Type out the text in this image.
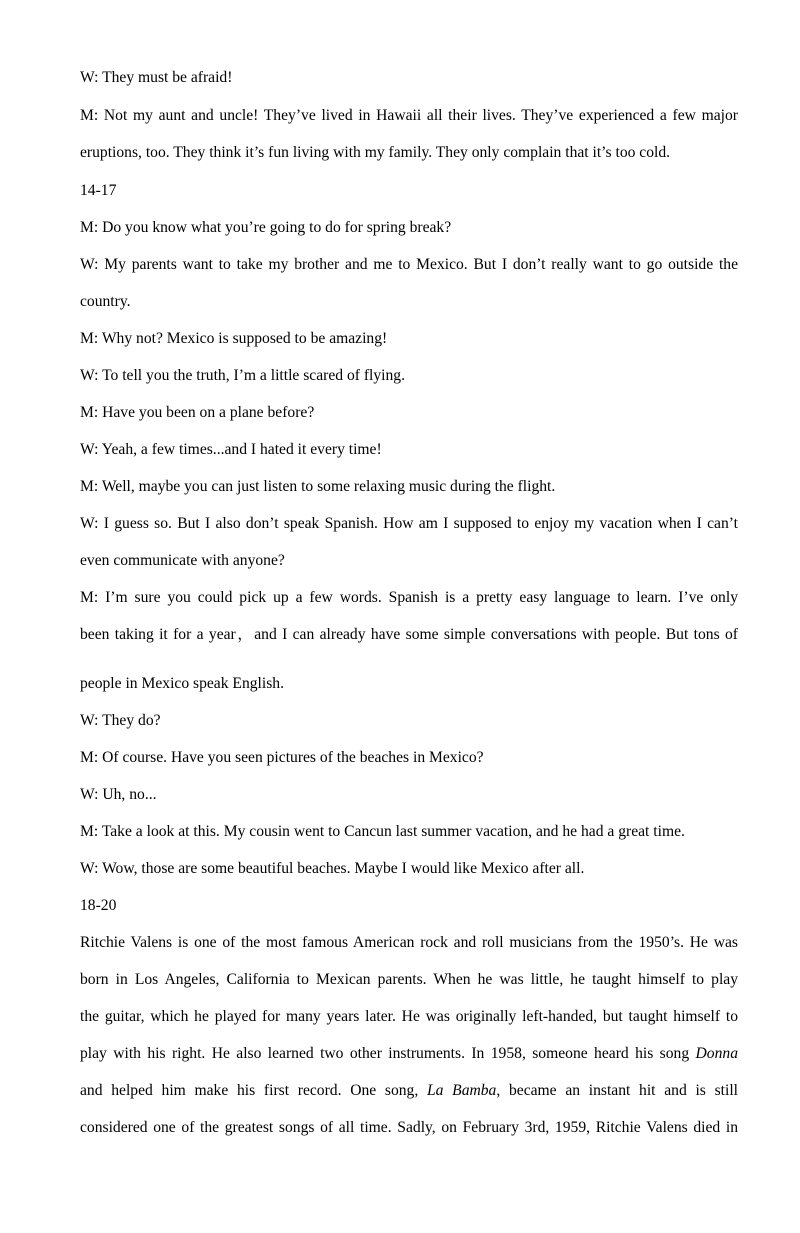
W: They must be afraid!
M: Not my aunt and uncle! They’ve lived in Hawaii all their lives. They’ve experienced a few major
eruptions, too. They think it’s fun living with my family. They only complain that it’s too cold.
14-17
M: Do you know what you’re going to do for spring break?
W: My parents want to take my brother and me to Mexico. But I don’t really want to go outside the
country.
M: Why not? Mexico is supposed to be amazing!
W: To tell you the truth, I’m a little scared of flying.
M: Have you been on a plane before?
W: Yeah, a few times...and I hated it every time!
M: Well, maybe you can just listen to some relaxing music during the flight.
W: I guess so. But I also don’t speak Spanish. How am I supposed to enjoy my vacation when I can’t
even communicate with anyone?
M: I’m sure you could pick up a few words. Spanish is a pretty easy language to learn. I’ve only
been taking it for a year，and I can already have some simple conversations with people. But tons of
people in Mexico speak English.
W: They do?
M: Of course. Have you seen pictures of the beaches in Mexico?
W: Uh, no...
M: Take a look at this. My cousin went to Cancun last summer vacation, and he had a great time.
W: Wow, those are some beautiful beaches. Maybe I would like Mexico after all.
18-20
Ritchie Valens is one of the most famous American rock and roll musicians from the 1950’s. He was
born in Los Angeles, California to Mexican parents. When he was little, he taught himself to play
the guitar, which he played for many years later. He was originally left-handed, but taught himself to
play with his right. He also learned two other instruments. In 1958, someone heard his song Donna
and helped him make his first record. One song, La Bamba, became an instant hit and is still
considered one of the greatest songs of all time. Sadly, on February 3rd, 1959, Ritchie Valens died in
